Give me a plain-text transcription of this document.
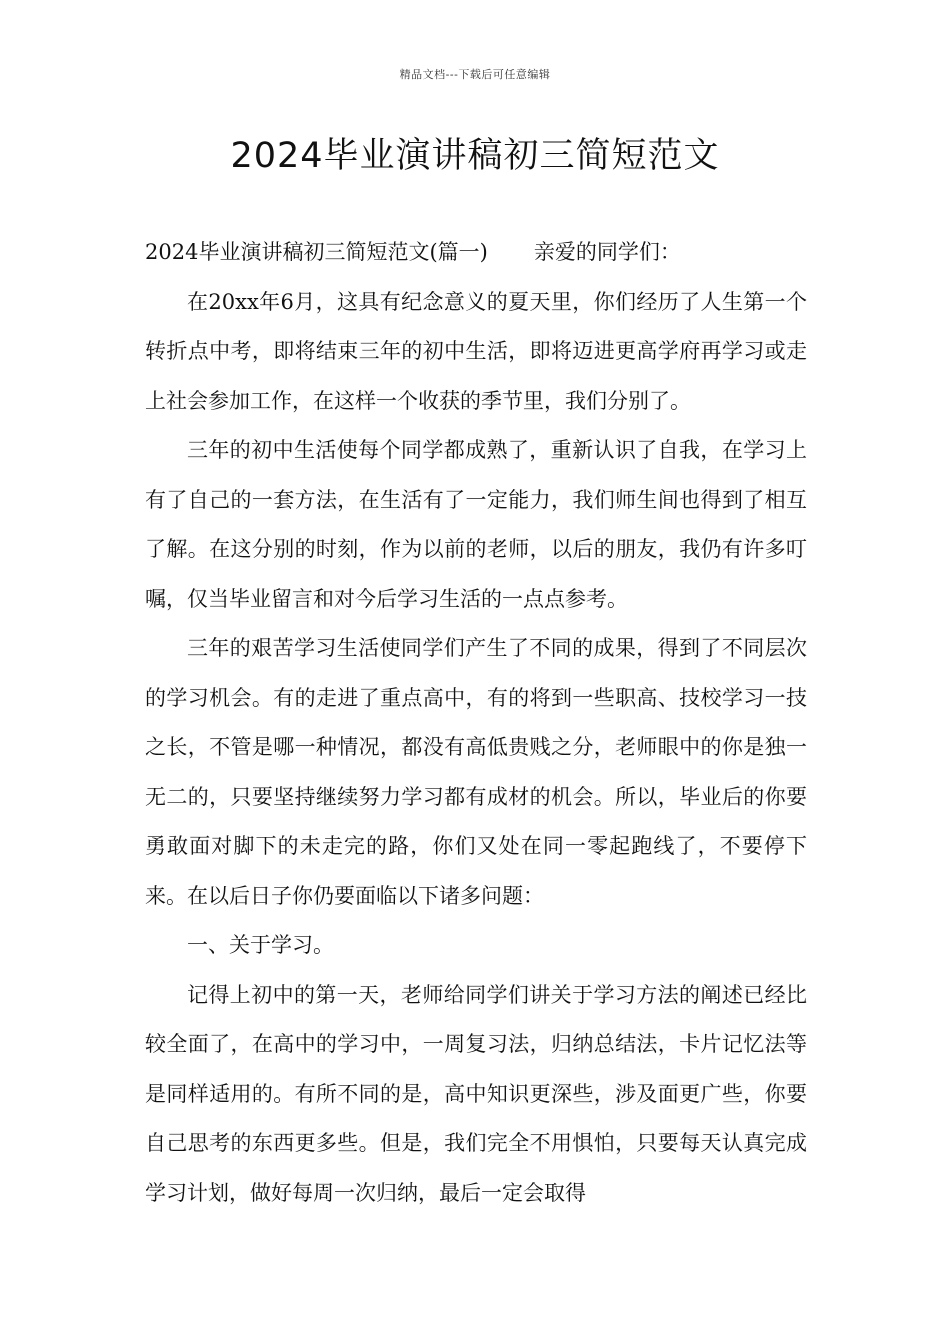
精品文档---下载后可任意编辑
2024毕业演讲稿初三简短范文

2024毕业演讲稿初三简短范文(篇一) 亲爱的同学们：

在20xx年6月，这具有纪念意义的夏天里，你们经历了人生第一个转折点中考，即将结束三年的初中生活，即将迈进更高学府再学习或走上社会参加工作，在这样一个收获的季节里，我们分别了。

三年的初中生活使每个同学都成熟了，重新认识了自我，在学习上有了自己的一套方法，在生活有了一定能力，我们师生间也得到了相互了解。在这分别的时刻，作为以前的老师，以后的朋友，我仍有许多叮嘱，仅当毕业留言和对今后学习生活的一点点参考。

三年的艰苦学习生活使同学们产生了不同的成果，得到了不同层次的学习机会。有的走进了重点高中，有的将到一些职高、技校学习一技之长，不管是哪一种情况，都没有高低贵贱之分，老师眼中的你是独一无二的，只要坚持继续努力学习都有成材的机会。所以，毕业后的你要勇敢面对脚下的未走完的路，你们又处在同一零起跑线了，不要停下来。在以后日子你仍要面临以下诸多问题：

一、关于学习。

记得上初中的第一天，老师给同学们讲关于学习方法的阐述已经比较全面了，在高中的学习中，一周复习法，归纳总结法，卡片记忆法等是同样适用的。有所不同的是，高中知识更深些，涉及面更广些，你要自己思考的东西更多些。但是，我们完全不用惧怕，只要每天认真完成学习计划，做好每周一次归纳，最后一定会取得
